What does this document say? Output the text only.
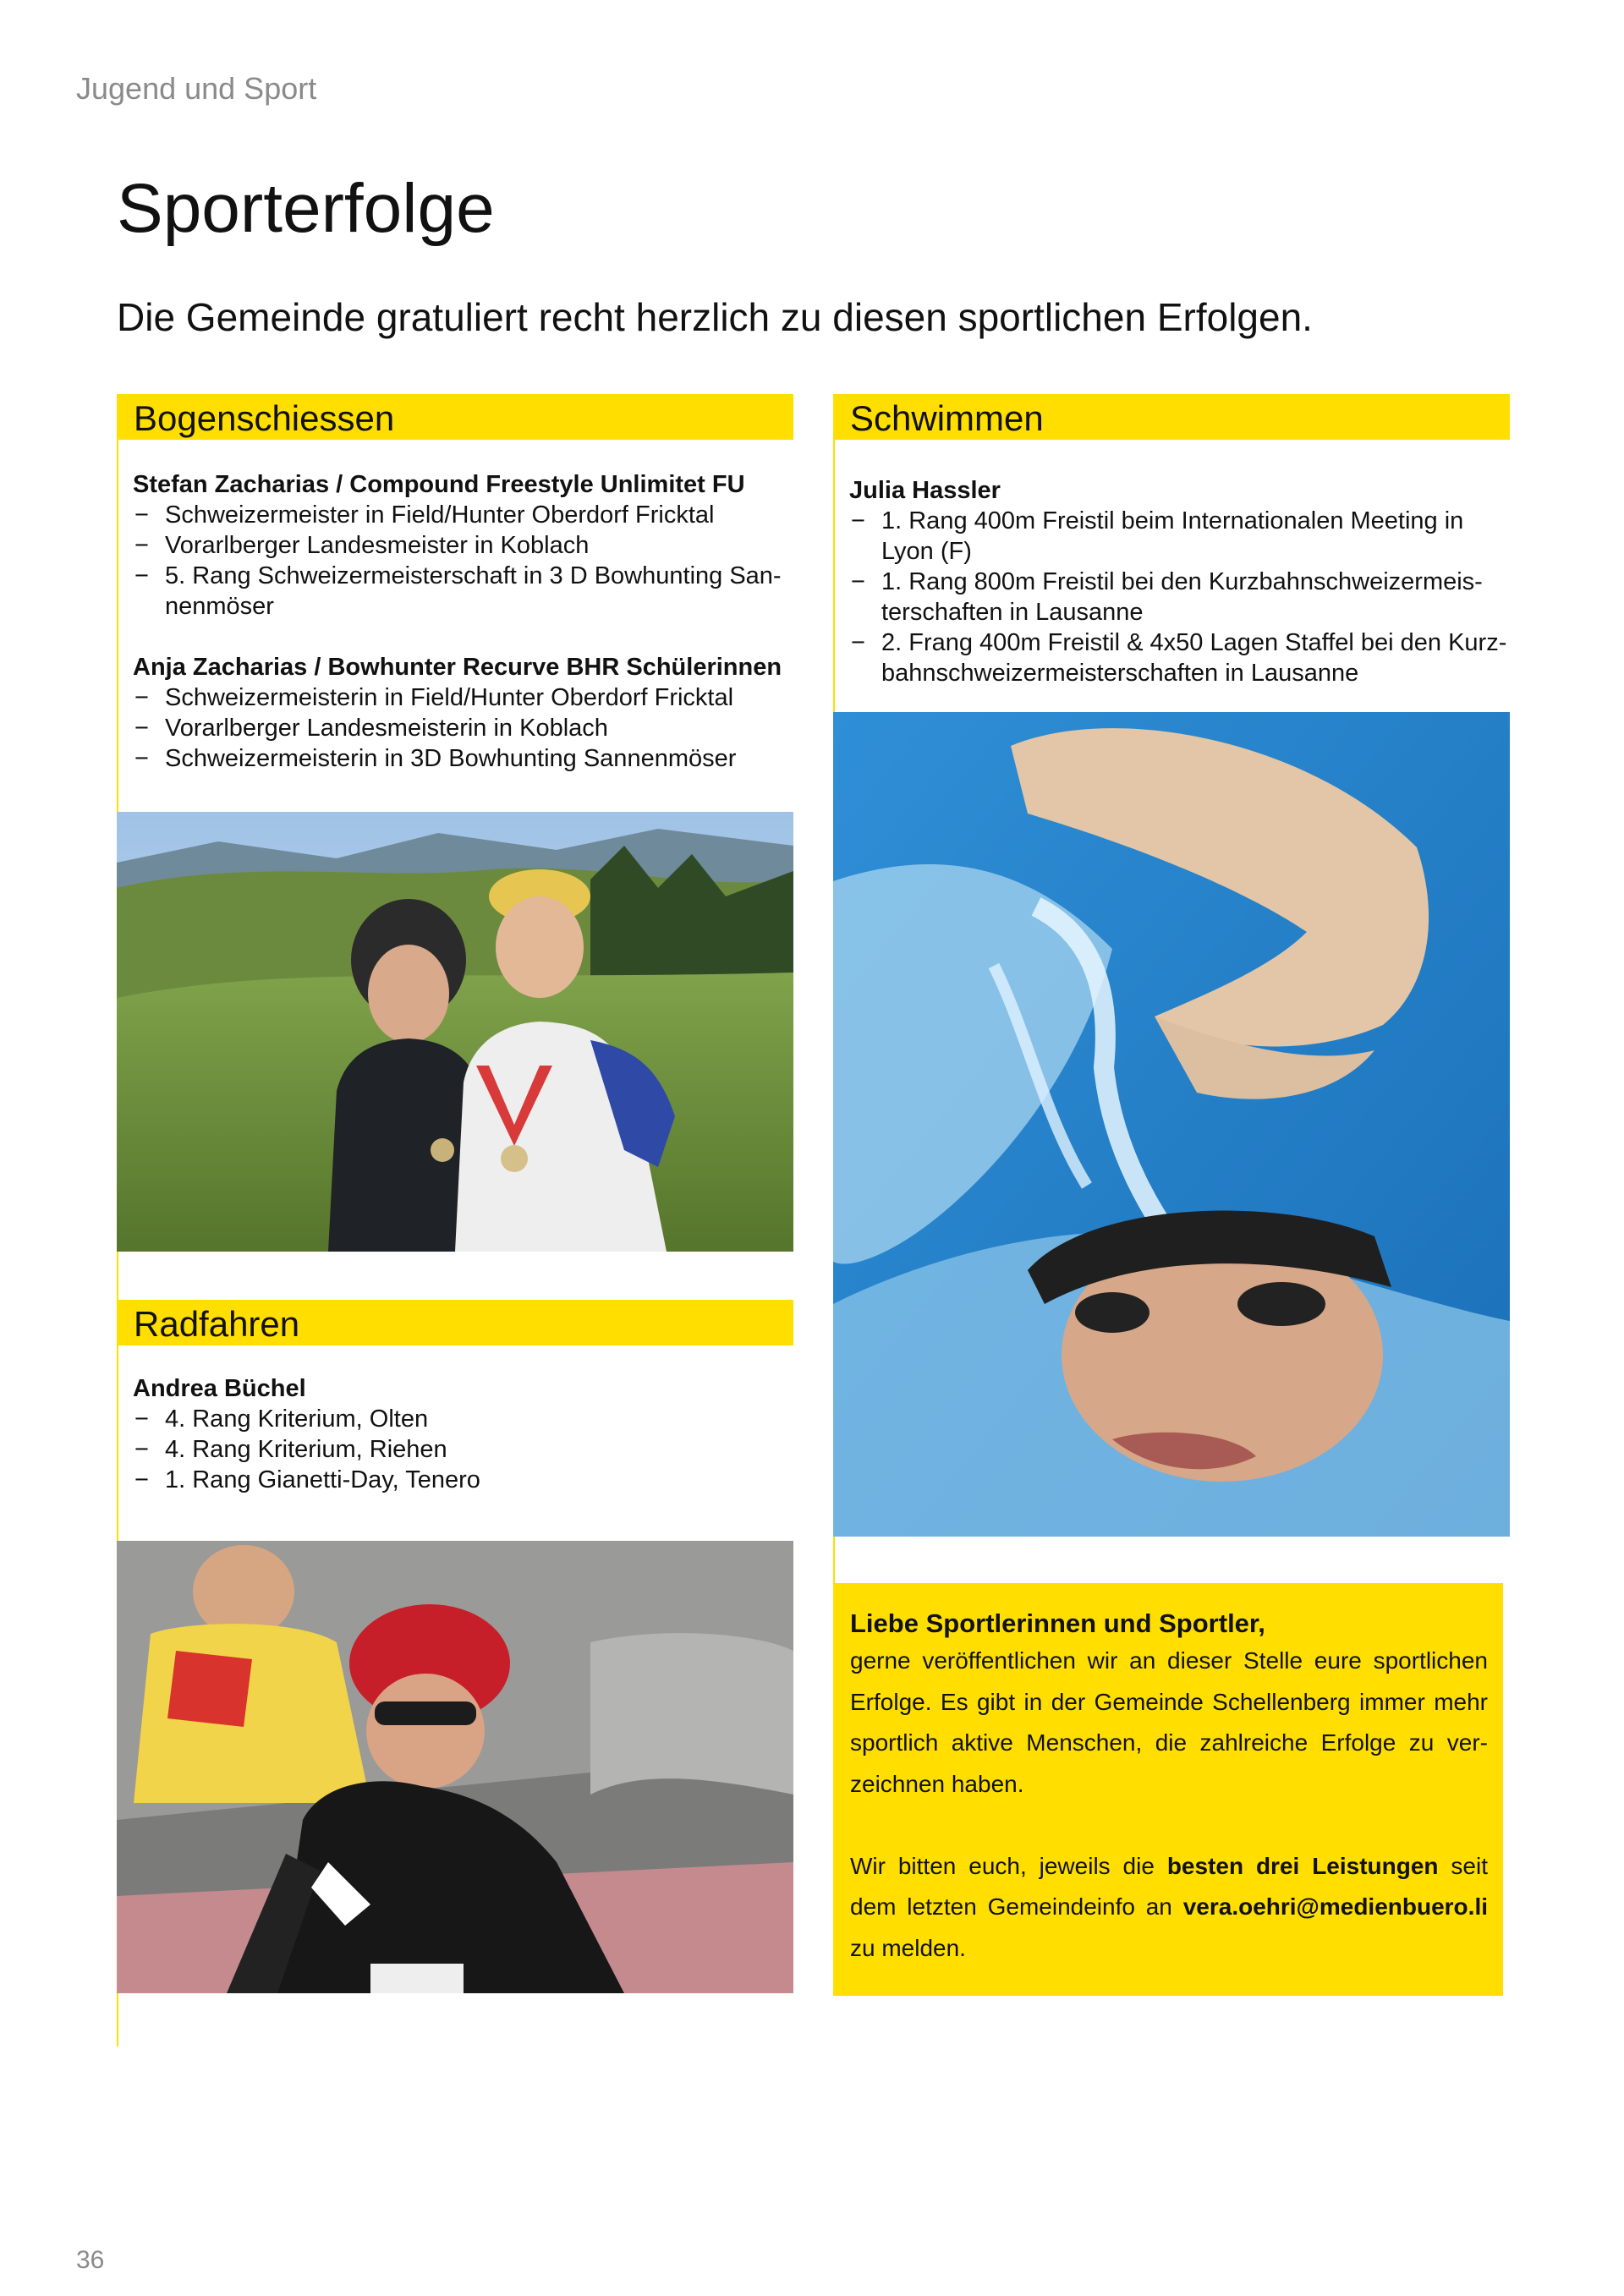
Jugend und Sport
Sporterfolge
Die Gemeinde gratuliert recht herzlich zu diesen sportlichen Erfolgen.
Bogenschiessen
Stefan Zacharias / Compound Freestyle Unlimitet FU
− Schweizermeister in Field/Hunter Oberdorf Fricktal
− Vorarlberger Landesmeister in Koblach
− 5. Rang Schweizermeisterschaft in 3 D Bowhunting San-nenmöser
Anja Zacharias / Bowhunter Recurve BHR Schülerinnen
− Schweizermeisterin in Field/Hunter Oberdorf Fricktal
− Vorarlberger Landesmeisterin in Koblach
− Schweizermeisterin in 3D Bowhunting Sannenmöser
Radfahren
Andrea Büchel
− 4. Rang Kriterium, Olten
− 4. Rang Kriterium, Riehen
− 1. Rang Gianetti-Day, Tenero
Schwimmen
Julia Hassler
− 1. Rang 400m Freistil beim Internationalen Meeting in Lyon (F)
− 1. Rang 800m Freistil bei den Kurzbahnschweizermeis-terschaften in Lausanne
− 2. Frang 400m Freistil & 4x50 Lagen Staffel bei den Kurz-bahnschweizermeisterschaften in Lausanne
Liebe Sportlerinnen und Sportler,
gerne veröffentlichen wir an dieser Stelle eure sportlichen Erfolge. Es gibt in der Gemeinde Schellenberg immer mehr sportlich aktive Menschen, die zahlreiche Erfolge zu ver-zeichnen haben.

Wir bitten euch, jeweils die besten drei Leistungen seit dem letzten Gemeindeinfo an vera.oehri@medienbuero.li zu melden.
36
